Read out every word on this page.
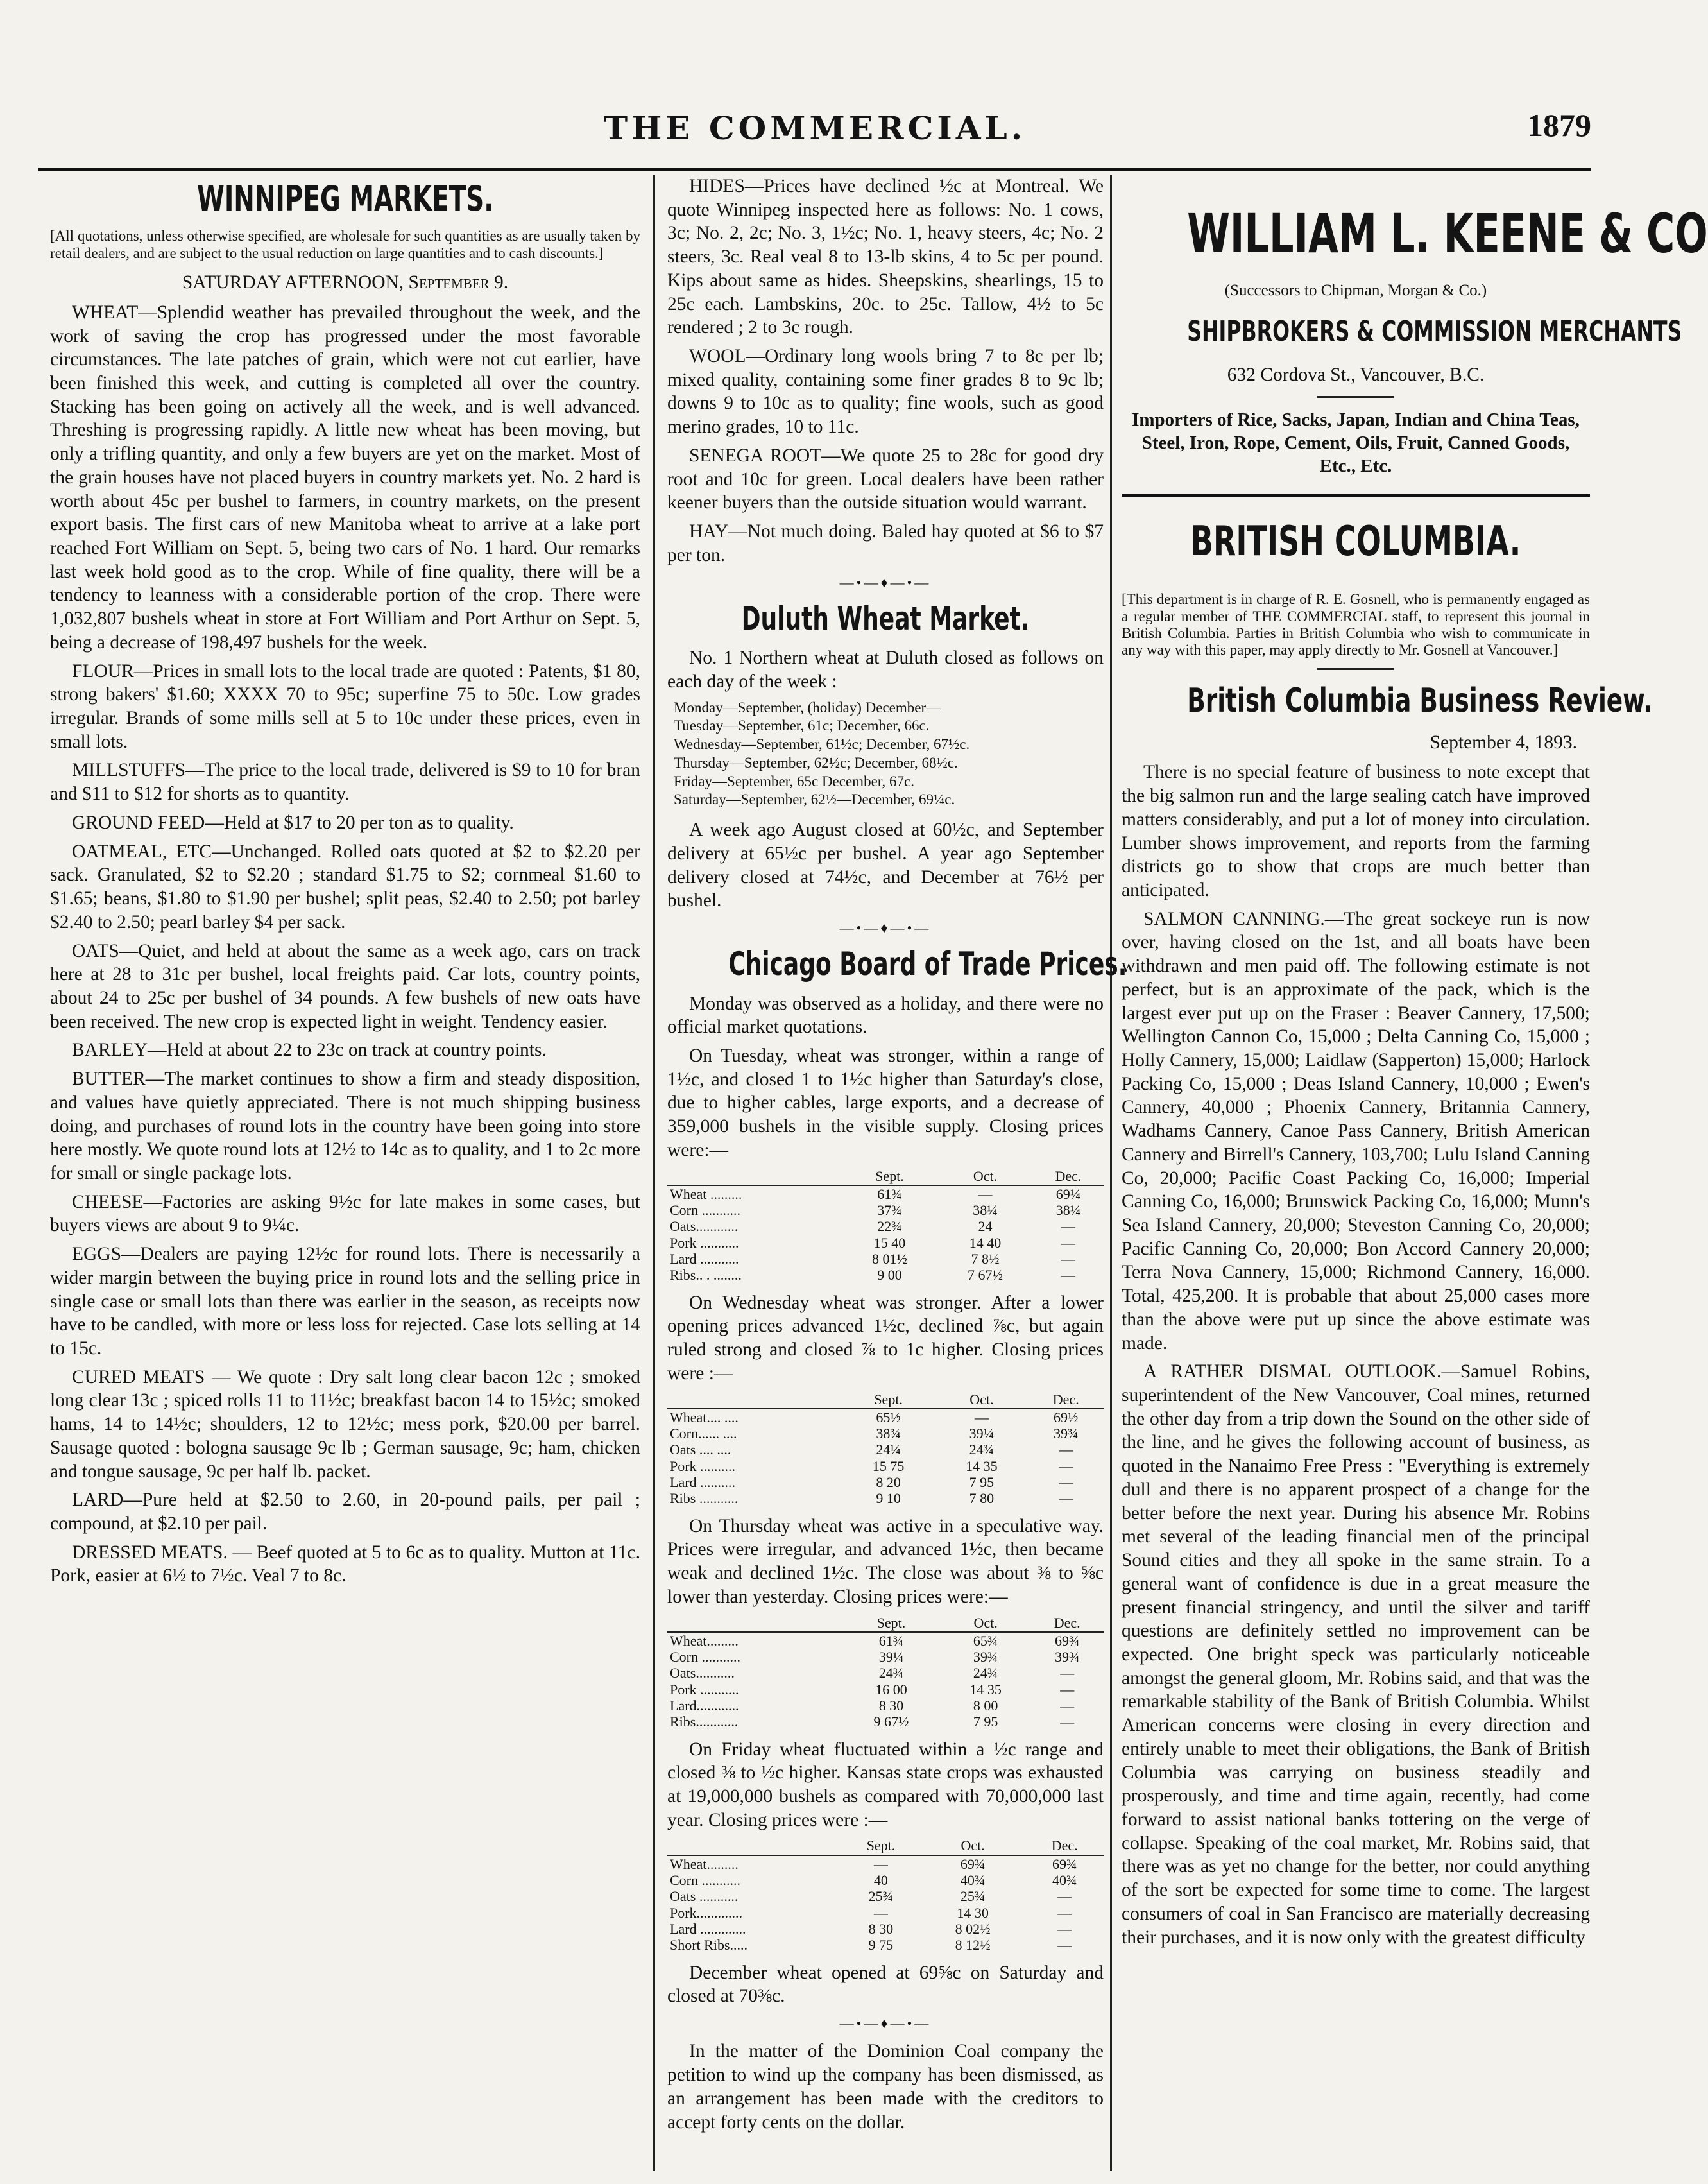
THE COMMERCIAL.	1879
WINNIPEG MARKETS.
[All quotations, unless otherwise specified, are wholesale for such quantities as are usually taken by retail dealers, and are subject to the usual reduction on large quantities and to cash discounts.]
SATURDAY AFTERNOON, September 9.

WHEAT—Splendid weather has prevailed throughout the week, and the work of saving the crop has progressed under the most favorable circumstances. The late patches of grain, which were not cut earlier, have been finished this week, and cutting is completed all over the country. Stacking has been going on actively all the week, and is well advanced. Threshing is progressing rapidly. A little new wheat has been moving, but only a trifling quantity, and only a few buyers are yet on the market. Most of the grain houses have not placed buyers in country markets yet. No. 2 hard is worth about 45c per bushel to farmers, in country markets, on the present export basis. The first cars of new Manitoba wheat to arrive at a lake port reached Fort William on Sept. 5, being two cars of No. 1 hard. Our remarks last week hold good as to the crop. While of fine quality, there will be a tendency to leanness with a considerable portion of the crop. There were 1,032,807 bushels wheat in store at Fort William and Port Arthur on Sept. 5, being a decrease of 198,497 bushels for the week.

FLOUR—Prices in small lots to the local trade are quoted : Patents, $1 80, strong bakers' $1.60; XXXX 70 to 95c; superfine 75 to 50c. Low grades irregular. Brands of some mills sell at 5 to 10c under these prices, even in small lots.

MILLSTUFFS—The price to the local trade, delivered is $9 to 10 for bran and $11 to $12 for shorts as to quantity.

GROUND FEED—Held at $17 to 20 per ton as to quality.

OATMEAL, ETC—Unchanged. Rolled oats quoted at $2 to $2.20 per sack. Granulated, $2 to $2.20 ; standard $1.75 to $2; cornmeal $1.60 to $1.65; beans, $1.80 to $1.90 per bushel; split peas, $2.40 to 2.50; pot barley $2.40 to 2.50; pearl barley $4 per sack.

OATS—Quiet, and held at about the same as a week ago, cars on track here at 28 to 31c per bushel, local freights paid. Car lots, country points, about 24 to 25c per bushel of 34 pounds. A few bushels of new oats have been received. The new crop is expected light in weight. Tendency easier.

BARLEY—Held at about 22 to 23c on track at country points.

BUTTER—The market continues to show a firm and steady disposition, and values have quietly appreciated. There is not much shipping business doing, and purchases of round lots in the country have been going into store here mostly. We quote round lots at 12½ to 14c as to quality, and 1 to 2c more for small or single package lots.

CHEESE—Factories are asking 9½c for late makes in some cases, but buyers views are about 9 to 9¼c.

EGGS—Dealers are paying 12½c for round lots. There is necessarily a wider margin between the buying price in round lots and the selling price in single case or small lots than there was earlier in the season, as receipts now have to be candled, with more or less loss for rejected. Case lots selling at 14 to 15c.

CURED MEATS — We quote : Dry salt long clear bacon 12c ; smoked long clear 13c ; spiced rolls 11 to 11½c; breakfast bacon 14 to 15½c; smoked hams, 14 to 14½c; shoulders, 12 to 12½c; mess pork, $20.00 per barrel. Sausage quoted : bologna sausage 9c lb ; German sausage, 9c; ham, chicken and tongue sausage, 9c per half lb. packet.

LARD—Pure held at $2.50 to 2.60, in 20-pound pails, per pail ; compound, at $2.10 per pail.

DRESSED MEATS. — Beef quoted at 5 to 6c as to quality. Mutton at 11c. Pork, easier at 6½ to 7½c. Veal 7 to 8c.

HIDES—Prices have declined ½c at Montreal. We quote Winnipeg inspected here as follows: No. 1 cows, 3c; No. 2, 2c; No. 3, 1½c; No. 1, heavy steers, 4c; No. 2 steers, 3c. Real veal 8 to 13-lb skins, 4 to 5c per pound. Kips about same as hides. Sheepskins, shearlings, 15 to 25c each. Lambskins, 20c. to 25c. Tallow, 4½ to 5c rendered ; 2 to 3c rough.

WOOL—Ordinary long wools bring 7 to 8c per lb; mixed quality, containing some finer grades 8 to 9c lb; downs 9 to 10c as to quality; fine wools, such as good merino grades, 10 to 11c.

SENEGA ROOT—We quote 25 to 28c for good dry root and 10c for green. Local dealers have been rather keener buyers than the outside situation would warrant.

HAY—Not much doing. Baled hay quoted at $6 to $7 per ton.

—•—♦—•—
Duluth Wheat Market.

No. 1 Northern wheat at Duluth closed as follows on each day of the week :

Monday—September, (holiday) December—
Tuesday—September, 61c; December, 66c.
Wednesday—September, 61½c; December, 67½c.
Thursday—September, 62½c; December, 68½c.
Friday—September, 65c December, 67c.
Saturday—September, 62½—December, 69¼c.

A week ago August closed at 60½c, and September delivery at 65½c per bushel. A year ago September delivery closed at 74½c, and December at 76½ per bushel.

—•—♦—•—
Chicago Board of Trade Prices.

Monday was observed as a holiday, and there were no official market quotations.

On Tuesday, wheat was stronger, within a range of 1½c, and closed 1 to 1½c higher than Saturday's close, due to higher cables, large exports, and a decrease of 359,000 bushels in the visible supply. Closing prices were:—

	Sept.	Oct.	Dec.
Wheat .........	61¾	—	69¼
Corn ...........	37¾	38¼	38¼
Oats............	22¾	24	—
Pork ...........	15 40	14 40	—
Lard ...........	8 01½	7 8½	—
Ribs.. . ........	9 00	7 67½	—

On Wednesday wheat was stronger. After a lower opening prices advanced 1½c, declined ⅞c, but again ruled strong and closed ⅞ to 1c higher. Closing prices were :—

	Sept.	Oct.	Dec.
Wheat.... ....	65½	—	69½
Corn...... ....	38¾	39¼	39¾
Oats .... ....	24¼	24¾	—
Pork ..........	15 75	14 35	—
Lard ..........	8 20	7 95	—
Ribs ...........	9 10	7 80	—

On Thursday wheat was active in a speculative way. Prices were irregular, and advanced 1½c, then became weak and declined 1½c. The close was about ⅜ to ⅝c lower than yesterday. Closing prices were:—

	Sept.	Oct.	Dec.
Wheat.........	61¾	65¾	69¾
Corn ...........	39¼	39¾	39¾
Oats...........	24¾	24¾	—
Pork ...........	16 00	14 35	—
Lard............	8 30	8 00	—
Ribs............	9 67½	7 95	—

On Friday wheat fluctuated within a ½c range and closed ⅜ to ½c higher. Kansas state crops was exhausted at 19,000,000 bushels as compared with 70,000,000 last year. Closing prices were :—

	Sept.	Oct.	Dec.
Wheat.........	—	69¾	69¾
Corn ...........	40	40¾	40¾
Oats ...........	25¾	25¾	—
Pork.............	—	14 30	—
Lard .............	8 30	8 02½	—
Short Ribs.....	9 75	8 12½	—

December wheat opened at 69⅝c on Saturday and closed at 70⅜c.

—•—♦—•—

In the matter of the Dominion Coal company the petition to wind up the company has been dismissed, as an arrangement has been made with the creditors to accept forty cents on the dollar.

WILLIAM L. KEENE & CO
(Successors to Chipman, Morgan & Co.)
SHIPBROKERS & COMMISSION MERCHANTS
632 Cordova St., Vancouver, B.C.
Importers of Rice, Sacks, Japan, Indian and China Teas, Steel, Iron, Rope, Cement, Oils, Fruit, Canned Goods, Etc., Etc.
BRITISH COLUMBIA.
[This department is in charge of R. E. Gosnell, who is permanently engaged as a regular member of THE COMMERCIAL staff, to represent this journal in British Columbia. Parties in British Columbia who wish to communicate in any way with this paper, may apply directly to Mr. Gosnell at Vancouver.]
British Columbia Business Review.
September 4, 1893.

There is no special feature of business to note except that the big salmon run and the large sealing catch have improved matters considerably, and put a lot of money into circulation. Lumber shows improvement, and reports from the farming districts go to show that crops are much better than anticipated.

SALMON CANNING.—The great sockeye run is now over, having closed on the 1st, and all boats have been withdrawn and men paid off. The following estimate is not perfect, but is an approximate of the pack, which is the largest ever put up on the Fraser : Beaver Cannery, 17,500; Wellington Cannon Co, 15,000 ; Delta Canning Co, 15,000 ; Holly Cannery, 15,000; Laidlaw (Sapperton) 15,000; Harlock Packing Co, 15,000 ; Deas Island Cannery, 10,000 ; Ewen's Cannery, 40,000 ; Phoenix Cannery, Britannia Cannery, Wadhams Cannery, Canoe Pass Cannery, British American Cannery and Birrell's Cannery, 103,700; Lulu Island Canning Co, 20,000; Pacific Coast Packing Co, 16,000; Imperial Canning Co, 16,000; Brunswick Packing Co, 16,000; Munn's Sea Island Cannery, 20,000; Steveston Canning Co, 20,000; Pacific Canning Co, 20,000; Bon Accord Cannery 20,000; Terra Nova Cannery, 15,000; Richmond Cannery, 16,000. Total, 425,200. It is probable that about 25,000 cases more than the above were put up since the above estimate was made.

A RATHER DISMAL OUTLOOK.—Samuel Robins, superintendent of the New Vancouver, Coal mines, returned the other day from a trip down the Sound on the other side of the line, and he gives the following account of business, as quoted in the Nanaimo Free Press : "Everything is extremely dull and there is no apparent prospect of a change for the better before the next year. During his absence Mr. Robins met several of the leading financial men of the principal Sound cities and they all spoke in the same strain. To a general want of confidence is due in a great measure the present financial stringency, and until the silver and tariff questions are definitely settled no improvement can be expected. One bright speck was particularly noticeable amongst the general gloom, Mr. Robins said, and that was the remarkable stability of the Bank of British Columbia. Whilst American concerns were closing in every direction and entirely unable to meet their obligations, the Bank of British Columbia was carrying on business steadily and prosperously, and time and time again, recently, had come forward to assist national banks tottering on the verge of collapse. Speaking of the coal market, Mr. Robins said, that there was as yet no change for the better, nor could anything of the sort be expected for some time to come. The largest consumers of coal in San Francisco are materially decreasing their purchases, and it is now only with the greatest difficulty
